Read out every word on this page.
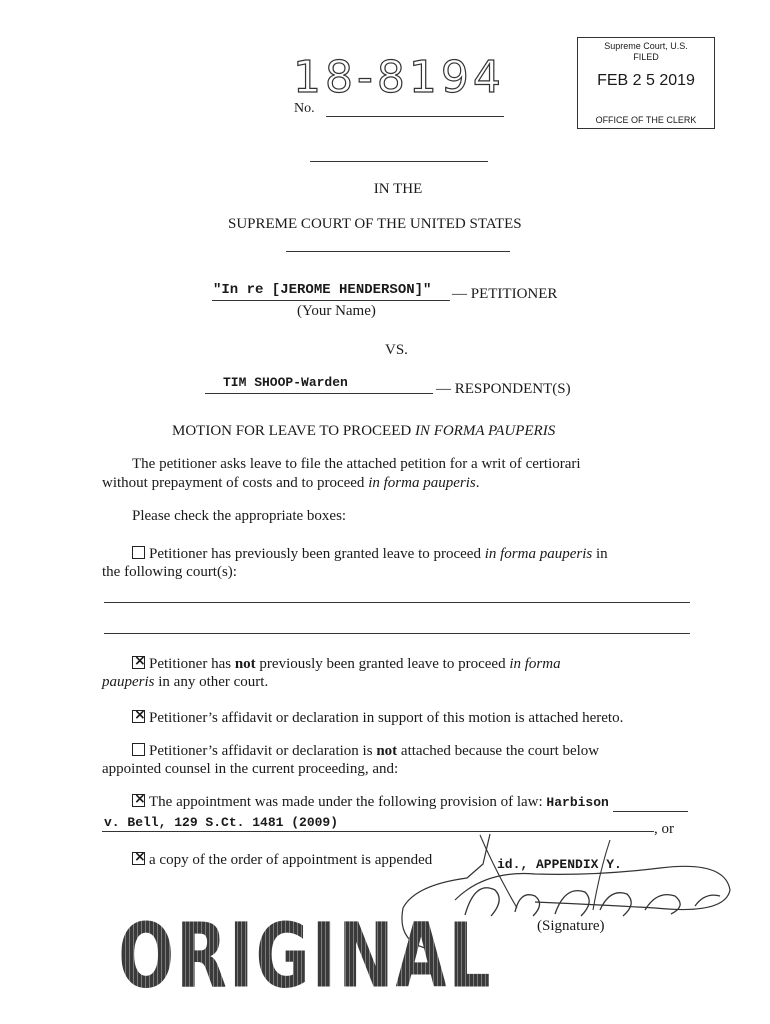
18-8194
No.
Supreme Court, U.S.
FILED
FEB 2 5 2019
OFFICE OF THE CLERK
IN THE
SUPREME COURT OF THE UNITED STATES
"In re [JEROME HENDERSON]" — PETITIONER
(Your Name)
VS.
TIM SHOOP-Warden	— RESPONDENT(S)
MOTION FOR LEAVE TO PROCEED IN FORMA PAUPERIS

The petitioner asks leave to file the attached petition for a writ of certiorari

without prepayment of costs and to proceed in forma pauperis.

Please check the appropriate boxes:

Petitioner has previously been granted leave to proceed in forma pauperis in

the following court(s):

×Petitioner has not previously been granted leave to proceed in forma

pauperis in any other court.

×Petitioner’s affidavit or declaration in support of this motion is attached hereto.

Petitioner’s affidavit or declaration is not attached because the court below

appointed counsel in the current proceeding, and:

×The appointment was made under the following provision of law: Harbison

v. Bell, 129 S.Ct. 1481 (2009)	, or

×a copy of the order of appointment is appended	id., APPENDIX Y.
(Signature)
ORIGINAL
